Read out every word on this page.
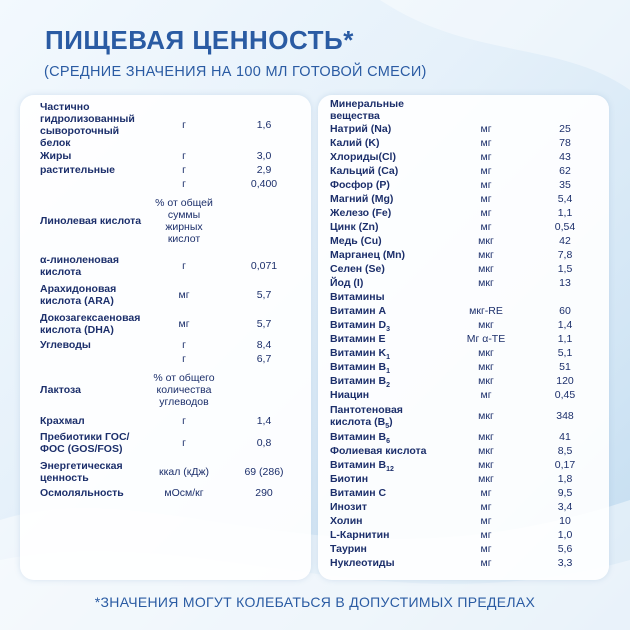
ПИЩЕВАЯ ЦЕННОСТЬ*

(СРЕДНИЕ ЗНАЧЕНИЯ НА 100 МЛ ГОТОВОЙ СМЕСИ)

Частично гидролизованный сывороточный белок	г	1,6
Жиры	г	3,0
растительные	г	2,9
	г	0,400
Линолевая кислота	% от общей суммы жирных кислот	
α-линоленовая кислота	г	0,071
Арахидоновая кислота (ARA)	мг	5,7
Докозагексаеновая кислота (DHA)	мг	5,7
Углеводы	г	8,4
	г	6,7
Лактоза	% от общего количества углеводов	
Крахмал	г	1,4
Пребиотики ГОС/ФОС (GOS/FOS)	г	0,8
Энергетическая ценность	ккал (кДж)	69 (286)
Осмоляльность	мОсм/кг	290
Минеральные вещества		
Натрий (Na)	мг	25
Калий (K)	мг	78
Хлориды(Cl)	мг	43
Кальций (Ca)	мг	62
Фосфор (P)	мг	35
Магний (Mg)	мг	5,4
Железо (Fe)	мг	1,1
Цинк (Zn)	мг	0,54
Медь (Cu)	мкг	42
Марганец (Mn)	мкг	7,8
Селен (Se)	мкг	1,5
Йод (I)	мкг	13
Витамины		
Витамин А	мкг-RE	60
Витамин $D_3$	мкг	1,4
Витамин Е	Мг α-ТЕ	1,1
Витамин $K_1$	мкг	5,1
Витамин $B_1$	мкг	51
Витамин $B_2$	мкг	120
Ниацин	мг	0,45
Пантотеновая кислота $(B_5)$	мкг	348
Витамин $B_6$	мкг	41
Фолиевая кислота	мкг	8,5
Витамин $B_{12}$	мкг	0,17
Биотин	мкг	1,8
Витамин С	мг	9,5
Инозит	мг	3,4
Холин	мг	10
L-Карнитин	мг	1,0
Таурин	мг	5,6
Нуклеотиды	мг	3,3

*ЗНАЧЕНИЯ МОГУТ КОЛЕБАТЬСЯ В ДОПУСТИМЫХ ПРЕДЕЛАХ
